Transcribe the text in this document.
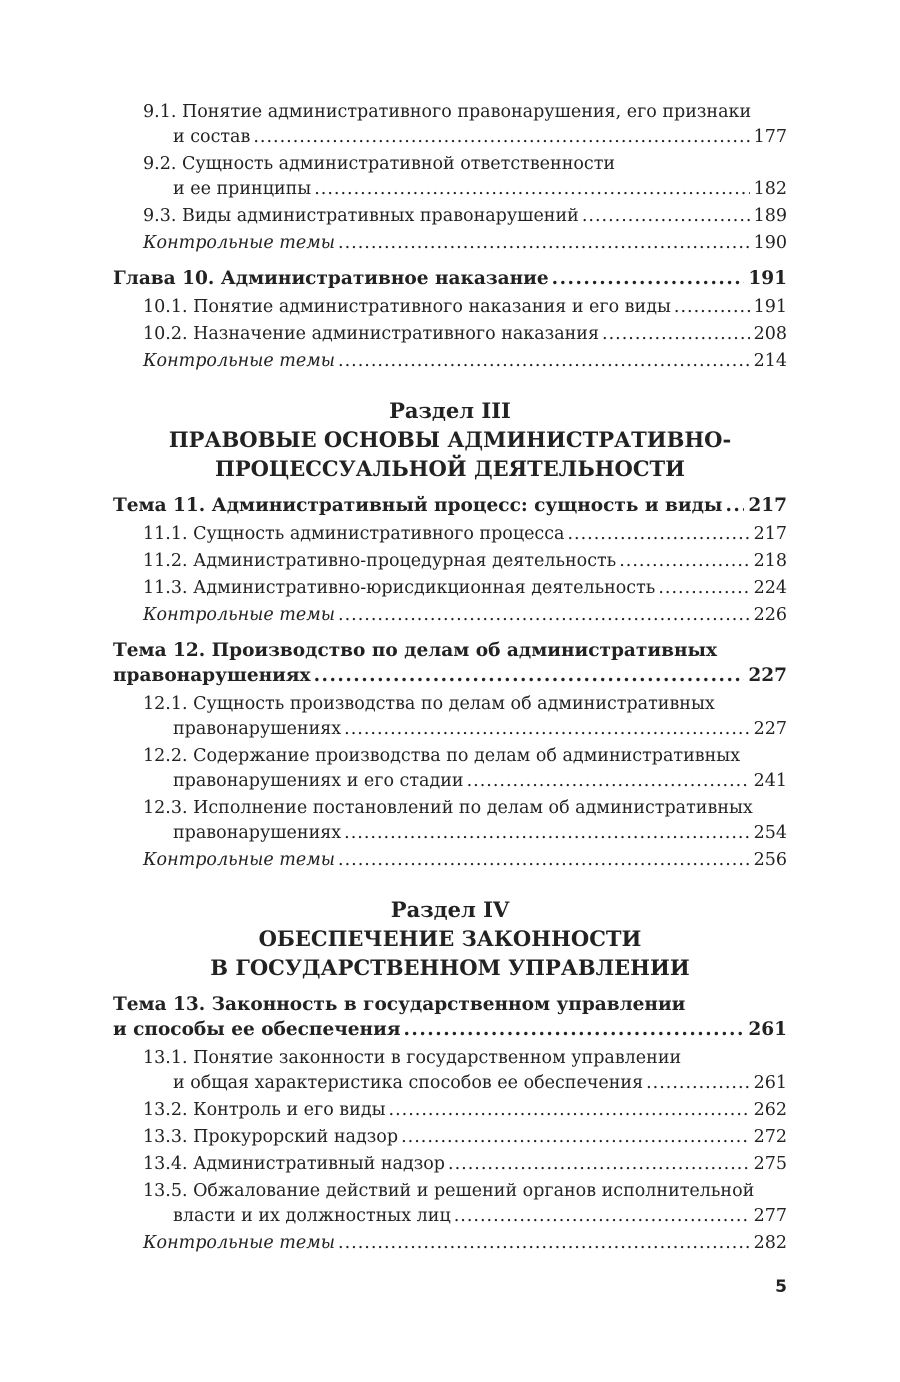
9.1. Понятие административного правонарушения, его признаки
и состав .....	177
9.2. Сущность административной ответственности
и ее принципы .....	182
9.3. Виды административных правонарушений .....	189
Контрольные темы .....	190
Глава 10. Административное наказание .....	191
10.1. Понятие административного наказания и его виды .....	191
10.2. Назначение административного наказания .....	208
Контрольные темы .....	214
Раздел III
ПРАВОВЫЕ ОСНОВЫ АДМИНИСТРАТИВНО-
ПРОЦЕССУАЛЬНОЙ ДЕЯТЕЛЬНОСТИ
Тема 11. Административный процесс: сущность и виды ..... 217
11.1. Сущность административного процесса .....	217
11.2. Административно-процедурная деятельность .....	218
11.3. Административно-юрисдикционная деятельность .....	224
Контрольные темы .....	226
Тема 12. Производство по делам об административных
правонарушениях .....	227
12.1. Сущность производства по делам об административных
правонарушениях .....	227
12.2. Содержание производства по делам об административных
правонарушениях и его стадии .....	241
12.3. Исполнение постановлений по делам об административных
правонарушениях .....	254
Контрольные темы .....	256
Раздел IV
ОБЕСПЕЧЕНИЕ ЗАКОННОСТИ
В ГОСУДАРСТВЕННОМ УПРАВЛЕНИИ
Тема 13. Законность в государственном управлении
и способы ее обеспечения .....	261
13.1. Понятие законности в государственном управлении
и общая характеристика способов ее обеспечения .....	261
13.2. Контроль и его виды .....	262
13.3. Прокурорский надзор .....	272
13.4. Административный надзор .....	275
13.5. Обжалование действий и решений органов исполнительной
власти и их должностных лиц .....	277
Контрольные темы .....	282
5
